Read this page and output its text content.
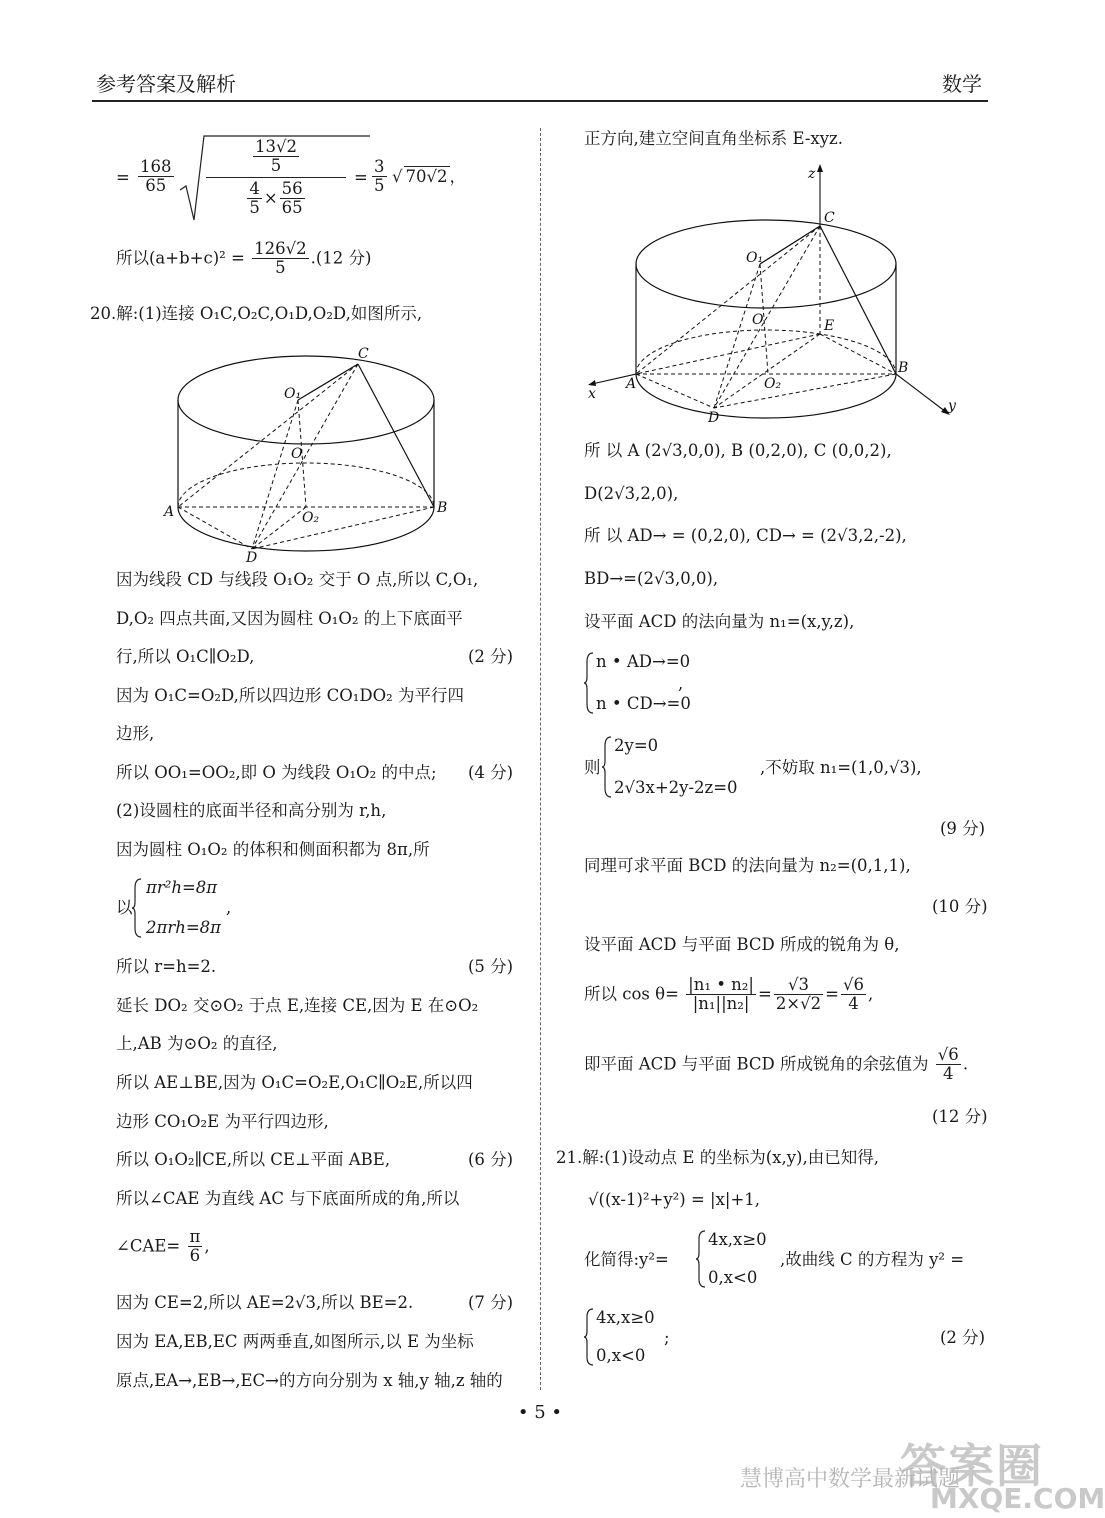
参考答案及解析	数学
= $\frac{168}{65}$
$\frac{13√2}{5}$
$\frac{4}{5} \times \frac{56}{65}$
= $\frac{3}{5}$ √ 70√2 ，
所以$(a+b+c)^2 = \frac{126√2}{5} .(12$ 分)
20.解:(1)连接 O₁C,O₂C,O₁D,O₂D,如图所示,
C
O₁
O
A	B
O₂
D
因为线段 CD 与线段 O₁O₂ 交于 O 点,所以 C,O₁,
D,O₂ 四点共面,又因为圆柱 O₁O₂ 的上下底面平
行,所以 O₁C∥O₂D,	(2 分)
因为 O₁C=O₂D,所以四边形 CO₁DO₂ 为平行四
边形,
所以 OO₁=OO₂,即 O 为线段 O₁O₂ 的中点; (4 分)
(2)设圆柱的底面半径和高分别为 r,h,
因为圆柱 O₁O₂ 的体积和侧面积都为 8π,所
以
πr²h=8π
2πrh=8π
,
所以 r=h=2.	(5 分)
延长 DO₂ 交⊙O₂ 于点 E,连接 CE,因为 E 在⊙O₂
上,AB 为⊙O₂ 的直径,
所以 AE⊥BE,因为 O₁C=O₂E,O₁C∥O₂E,所以四
边形 CO₁O₂E 为平行四边形,
所以 O₁O₂∥CE,所以 CE⊥平面 ABE,	(6 分)
所以∠CAE 为直线 AC 与下底面所成的角,所以
∠CAE= $\frac{\pi}{6}$ ,
因为 CE=2,所以 AE=2√3,所以 BE=2.	(7 分)
因为 EA,EB,EC 两两垂直,如图所示,以 E 为坐标
原点,EA→,EB→,EC→的方向分别为 x 轴,y 轴,z 轴的
正方向,建立空间直角坐标系 E-xyz.
z
C
O₁
O	E
A
x
O₂
B
D
y
所 以 A (2√3,0,0), B (0,2,0), C (0,0,2),
D(2√3,2,0),
所 以 AD→ = (0,2,0), CD→ = (2√3,2,-2),
BD→=(2√3,0,0),
设平面 ACD 的法向量为 n₁=(x,y,z),
n • AD→=0
n • CD→=0
,
则
2y=0
2√3x+2y-2z=0
,不妨取 n₁=(1,0,√3),
(9 分)
同理可求平面 BCD 的法向量为 n₂=(0,1,1),
(10 分)
设平面 ACD 与平面 BCD 所成的锐角为 θ,
所以 $\cos \theta= \frac{\text{|n₁ • n₂|}}{\text{|n₁||n₂|}} = \frac{√3}{2\times√2} = \frac{√6}{4}$ ,
即平面 ACD 与平面 BCD 所成锐角的余弦值为 $\frac{√6}{4}$ .
(12 分)
21.解:(1)设动点 E 的坐标为(x,y),由已知得,
√((x-1)²+y²) = |x|+1,
化简得:y²=
4x,x≥0
0,x<0
,故曲线 C 的方程为 y² =
4x,x≥0
0,x<0
;	(2 分)
• 5 •
答案圈
慧博高中数学最新试题
MXQE.COM
